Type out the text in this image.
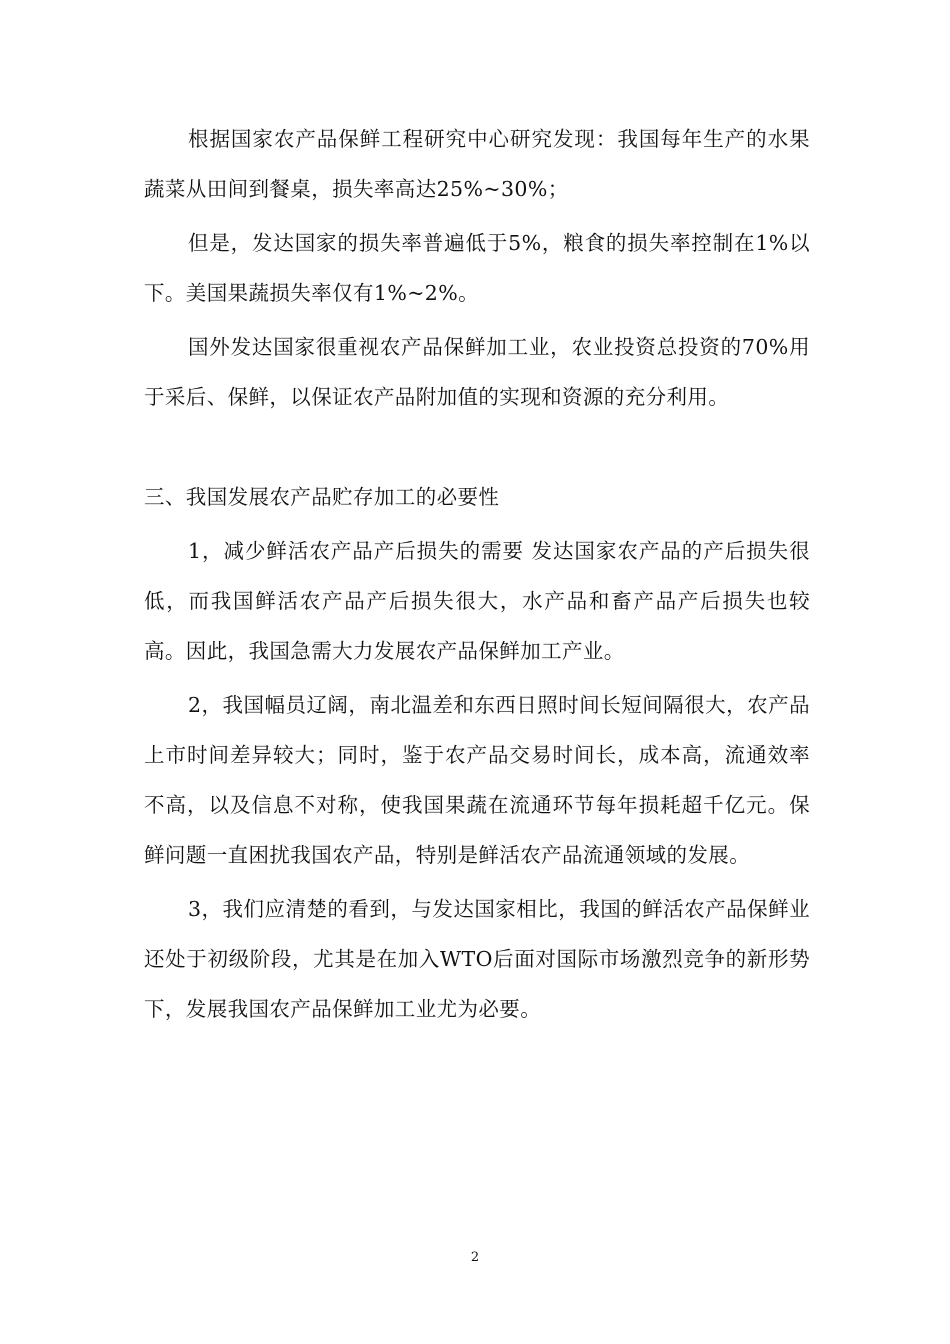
根据国家农产品保鲜工程研究中心研究发现：我国每年生产的水果蔬菜从田间到餐桌，损失率高达25%~30%；

但是，发达国家的损失率普遍低于5%，粮食的损失率控制在1%以下。美国果蔬损失率仅有1%~2%。

国外发达国家很重视农产品保鲜加工业，农业投资总投资的70%用于采后、保鲜，以保证农产品附加值的实现和资源的充分利用。

三、我国发展农产品贮存加工的必要性

1，减少鲜活农产品产后损失的需要 发达国家农产品的产后损失很低，而我国鲜活农产品产后损失很大，水产品和畜产品产后损失也较高。因此，我国急需大力发展农产品保鲜加工产业。

2，我国幅员辽阔，南北温差和东西日照时间长短间隔很大，农产品上市时间差异较大；同时，鉴于农产品交易时间长，成本高，流通效率不高，以及信息不对称，使我国果蔬在流通环节每年损耗超千亿元。保鲜问题一直困扰我国农产品，特别是鲜活农产品流通领域的发展。

3，我们应清楚的看到，与发达国家相比，我国的鲜活农产品保鲜业还处于初级阶段，尤其是在加入WTO后面对国际市场激烈竞争的新形势下，发展我国农产品保鲜加工业尤为必要。

2
